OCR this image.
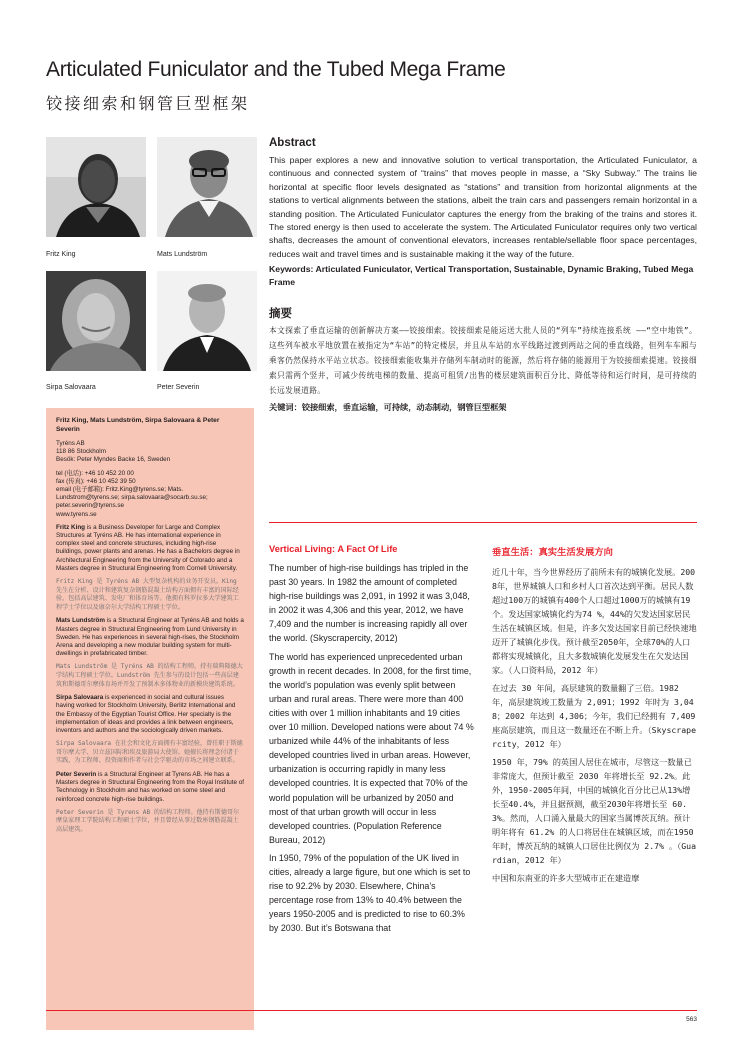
Articulated Funiculator and the Tubed Mega Frame
铰接细索和钢管巨型框架
Fritz King	Mats Lundström
Sirpa Salovaara	Peter Severin

Fritz King, Mats Lundström, Sirpa Salovaara & Peter Severin

Tyréns AB
118 86 Stockholm
Besök: Peter Myndes Backe 16, Sweden

tel (电话): +46 10 452 20 00
fax (传真): +46 10 452 39 50
email (电子邮箱): Fritz.King@tyrens.se; Mats.
Lundstrom@tyrens.se; sirpa.salovaara@socarb.su.se;
peter.severin@tyrens.se
www.tyrens.se

Fritz King is a Business Developer for Large and Complex Structures at Tyréns AB. He has international experience in complex steel and concrete structures, including high-rise buildings, power plants and arenas. He has a Bachelors degree in Architectural Engineering from the University of Colorado and a Masters degree in Structural Engineering from Cornell University.

Fritz King 是 Tyréns AB 大型复杂机构的业务开发员。King 先生在分析、设计和建筑复杂钢筋混凝土结构方面拥有丰富的国际经验，包括高层建筑、发电厂和体育场等。他拥有科罗拉多大学建筑工程学士学位以及康奈尔大学结构工程硕士学位。

Mats Lundström is a Structural Engineer at Tyréns AB and holds a Masters degree in Structural Engineering from Lund University in Sweden. He has experiences in several high-rises, the Stockholm Arena and developing a new modular building system for multi-dwellings in prefabricated timber.

Mats Lundström 是 Tyréns AB 的结构工程师，持有瑞典隆德大学结构工程硕士学位。Lundström 先生参与的设计包括一些高层建筑和斯德哥尔摩体育场并开发了预制木多体物业的新模块建筑系统。

Sirpa Salovaara is experienced in social and cultural issues having worked for Stockholm University, Berlitz International and the Embassy of the Egyptian Tourist Office. Her specialty is the implementation of ideas and provides a link between engineers, inventors and authors and the sociologically driven markets.

Sirpa Salovaara 在社会和文化方面拥有丰富经验，曾任职于斯德哥尔摩大学、贝立兹国际和埃及旅游局大使馆。她擅长将理念付诸于实践，为工程师、投资商和作者与社会学驱动的市场之间建立联系。

Peter Severin is a Structural Engineer at Tyrens AB. He has a Masters degree in Structural Engineering from the Royal Institute of Technology in Stockholm and has worked on some steel and reinforced concrete high-rise buildings.

Peter Severin 是 Tyrens AB 的结构工程师。他持有斯德哥尔摩皇家理工学院结构工程硕士学位，并且曾经从事过数座钢筋混凝土高层建筑。

Abstract
This paper explores a new and innovative solution to vertical transportation, the Articulated Funiculator, a continuous and connected system of “trains” that moves people in masse, a “Sky Subway.” The trains lie horizontal at specific floor levels designated as “stations” and transition from horizontal alignments at the stations to vertical alignments between the stations, albeit the train cars and passengers remain horizontal in a standing position. The Articulated Funiculator captures the energy from the braking of the trains and stores it. The stored energy is then used to accelerate the system. The Articulated Funiculator requires only two vertical shafts, decreases the amount of conventional elevators, increases rentable/sellable floor space percentages, reduces wait and travel times and is sustainable making it the way of the future.
Keywords: Articulated Funiculator, Vertical Transportation, Sustainable, Dynamic Braking, Tubed Mega Frame
摘要
本文探索了垂直运输的创新解决方案——铰接细索。铰接细索是能运送大批人员的“列车”持续连接系统 ——“空中地铁”。这些列车被水平地放置在被指定为“车站”的特定楼层，并且从车站的水平线路过渡到两站之间的垂直线路，但列车车厢与乘客仍然保持水平站立状态。铰接细索能收集并存储列车制动时的能源，然后将存储的能源用于为铰接细索提速。铰接细索只需两个竖井，可减少传统电梯的数量、提高可租赁/出售的楼层建筑面积百分比、降低等待和运行时间，是可持续的长远发展道路。
关键词：铰接细索，垂直运输，可持续，动态制动，钢管巨型框架
Vertical Living: A Fact Of Life

The number of high-rise buildings has tripled in the past 30 years. In 1982 the amount of completed high-rise buildings was 2,091, in 1992 it was 3,048, in 2002 it was 4,306 and this year, 2012, we have 7,409 and the number is increasing rapidly all over the world. (Skyscrapercity, 2012)

The world has experienced unprecedented urban growth in recent decades. In 2008, for the first time, the world’s population was evenly split between urban and rural areas. There were more than 400 cities with over 1 million inhabitants and 19 cities over 10 million. Developed nations were about 74 % urbanized while 44% of the inhabitants of less developed countries lived in urban areas. However, urbanization is occurring rapidly in many less developed countries. It is expected that 70% of the world population will be urbanized by 2050 and most of that urban growth will occur in less developed countries. (Population Reference Bureau, 2012)

In 1950, 79% of the population of the UK lived in cities, already a large figure, but one which is set to rise to 92.2% by 2030. Elsewhere, China’s percentage rose from 13% to 40.4% between the years 1950-2005 and is predicted to rise to 60.3% by 2030. But it’s Botswana that

垂直生活：真实生活发展方向

近几十年，当今世界经历了前所未有的城镇化发展。2008年，世界城镇人口和乡村人口首次达到平衡。居民人数超过100万的城镇有400个人口超过1000万的城镇有19个。发达国家城镇化约为74 %，44%的欠发达国家居民生活在城镇区域。但是，许多欠发达国家目前已经快速地迈开了城镇化步伐。预计截至2050年，全球70%的人口都将实现城镇化，且大多数城镇化发展发生在欠发达国家。（人口资料局，2012 年）

在过去 30 年间，高层建筑的数量翻了三倍。1982 年，高层建筑竣工数量为 2,091；1992 年时为 3,048；2002 年达到 4,306；今年，我们已经拥有 7,409 座高层建筑，而且这一数量还在不断上升。（Skyscrapercity，2012 年）

1950 年，79% 的英国人居住在城市，尽管这一数量已非常庞大，但预计截至 2030 年将增长至 92.2%。此外，1950-2005年间，中国的城镇化百分比已从13%增长至40.4%，并且据预测，截至2030年将增长至 60.3%。然而，人口涌入量最大的国家当属博茨瓦纳。预计明年将有 61.2% 的人口将居住在城镇区域，而在1950 年时，博茨瓦纳的城镇人口居住比例仅为 2.7% 。（Guardian，2012 年）

中国和东南亚的许多大型城市正在建造摩

563
